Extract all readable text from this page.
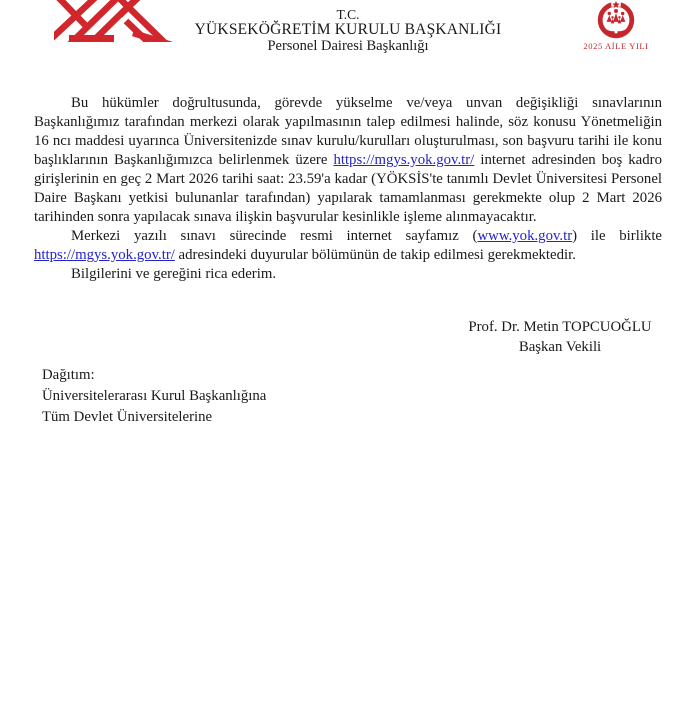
T.C.
YÜKSEKÖĞRETİM KURULU BAŞKANLIĞI
Personel Dairesi Başkanlığı	2025 AİLE YILI

Bu hükümler doğrultusunda, görevde yükselme ve/veya unvan değişikliği sınavlarının Başkanlığımız tarafından merkezi olarak yapılmasının talep edilmesi halinde, söz konusu Yönetmeliğin 16 ncı maddesi uyarınca Üniversitenizde sınav kurulu/kurulları oluşturulması, son başvuru tarihi ile konu başlıklarının Başkanlığımızca belirlenmek üzere https://mgys.yok.gov.tr/ internet adresinden boş kadro girişlerinin en geç 2 Mart 2026 tarihi saat: 23.59'a kadar (YÖKSİS'te tanımlı Devlet Üniversitesi Personel Daire Başkanı yetkisi bulunanlar tarafından) yapılarak tamamlanması gerekmekte olup 2 Mart 2026 tarihinden sonra yapılacak sınava ilişkin başvurular kesinlikle işleme alınmayacaktır.

Merkezi yazılı sınavı sürecinde resmi internet sayfamız (www.yok.gov.tr) ile birlikte https://mgys.yok.gov.tr/ adresindeki duyurular bölümünün de takip edilmesi gerekmektedir.

Bilgilerini ve gereğini rica ederim.

Prof. Dr. Metin TOPCUOĞLU
Başkan Vekili
Dağıtım:
Üniversitelerarası Kurul Başkanlığına
Tüm Devlet Üniversitelerine
